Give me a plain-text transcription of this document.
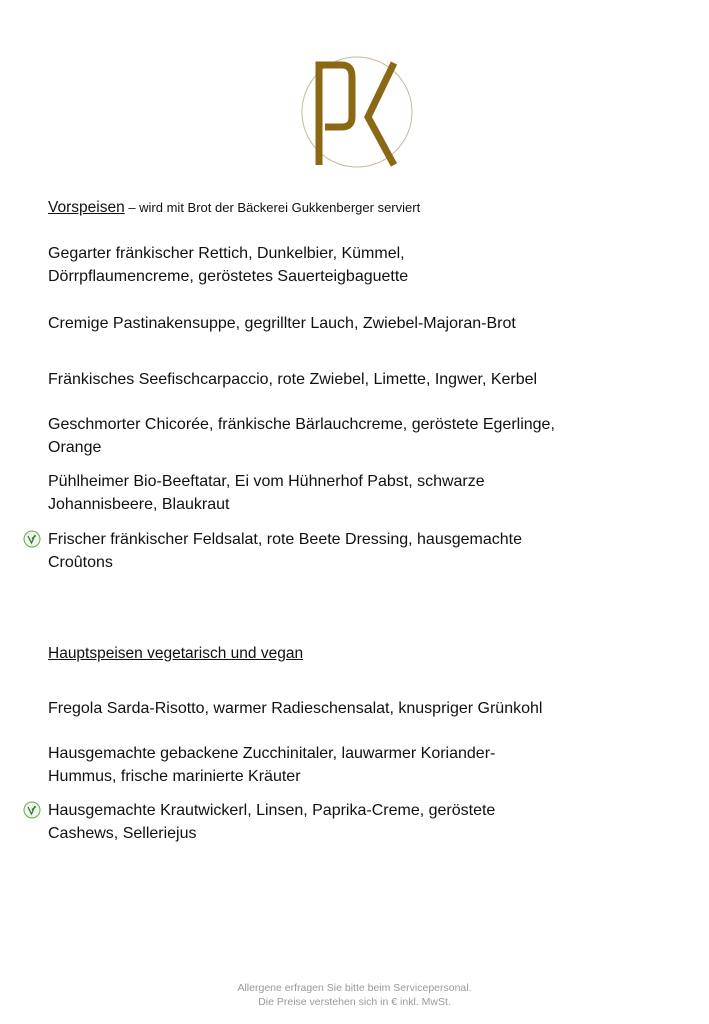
Vorspeisen – wird mit Brot der Bäckerei Gukkenberger serviert
Gegarter fränkischer Rettich, Dunkelbier, Kümmel, Dörrpflaumencreme, geröstetes Sauerteigbaguette
Cremige Pastinakensuppe, gegrillter Lauch, Zwiebel-Majoran-Brot
Fränkisches Seefischcarpaccio, rote Zwiebel, Limette, Ingwer, Kerbel
Geschmorter Chicorée, fränkische Bärlauchcreme, geröstete Egerlinge, Orange
Pühlheimer Bio-Beeftatar, Ei vom Hühnerhof Pabst, schwarze Johannisbeere, Blaukraut
Frischer fränkischer Feldsalat, rote Beete Dressing, hausgemachte Croûtons
Hauptspeisen vegetarisch und vegan
Fregola Sarda-Risotto, warmer Radieschensalat, knuspriger Grünkohl
Hausgemachte gebackene Zucchinitaler, lauwarmer Koriander-Hummus, frische marinierte Kräuter
Hausgemachte Krautwickerl, Linsen, Paprika-Creme, geröstete Cashews, Selleriejus
Allergene erfragen Sie bitte beim Servicepersonal.
Die Preise verstehen sich in € inkl. MwSt.
